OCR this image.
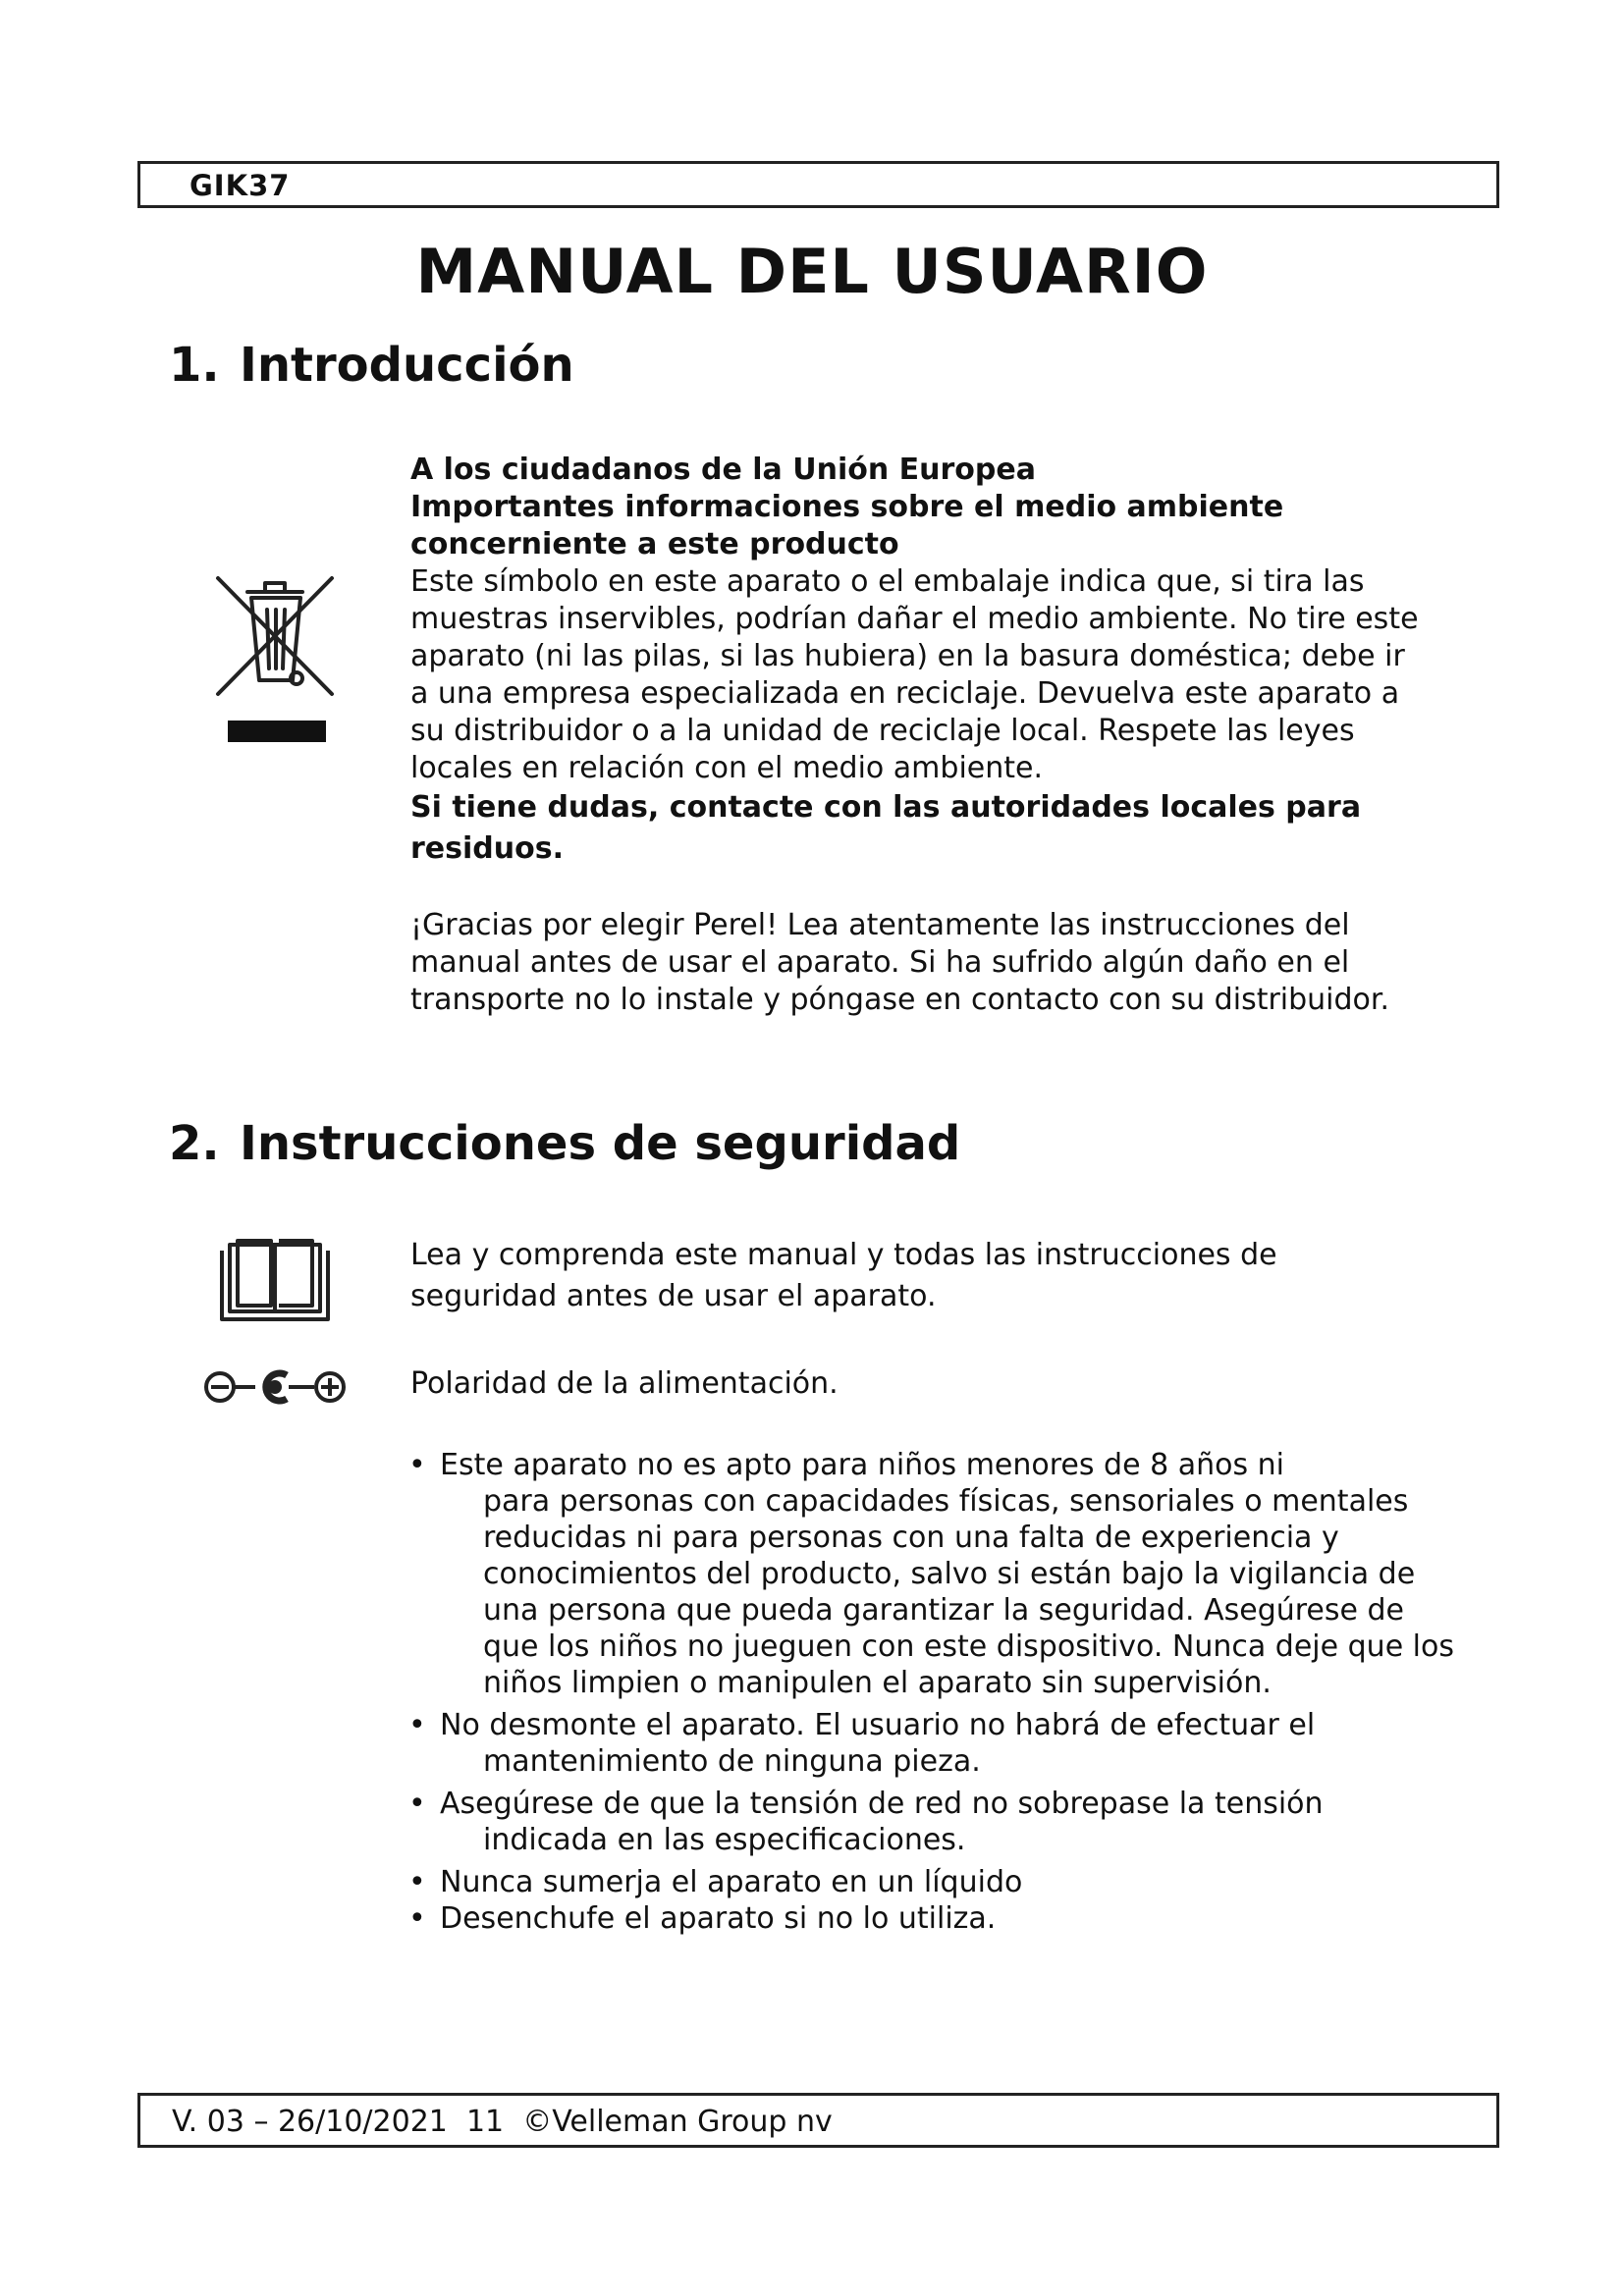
GIK37
MANUAL DEL USUARIO
1. Introducción

A los ciudadanos de la Unión Europea

Importantes informaciones sobre el medio ambiente concerniente a este producto

Este símbolo en este aparato o el embalaje indica que, si tira las muestras inservibles, podrían dañar el medio ambiente. No tire este aparato (ni las pilas, si las hubiera) en la basura doméstica; debe ir a una empresa especializada en reciclaje. Devuelva este aparato a su distribuidor o a la unidad de reciclaje local. Respete las leyes locales en relación con el medio ambiente.

Si tiene dudas, contacte con las autoridades locales para residuos.

¡Gracias por elegir Perel! Lea atentamente las instrucciones del manual antes de usar el aparato. Si ha sufrido algún daño en el transporte no lo instale y póngase en contacto con su distribuidor.

2. Instrucciones de seguridad

Lea y comprenda este manual y todas las instrucciones de seguridad antes de usar el aparato.

Polaridad de la alimentación.

• Este aparato no es apto para niños menores de 8 años ni
para personas con capacidades físicas, sensoriales o mentales reducidas ni para personas con una falta de experiencia y conocimientos del producto, salvo si están bajo la vigilancia de una persona que pueda garantizar la seguridad. Asegúrese de que los niños no jueguen con este dispositivo. Nunca deje que los niños limpien o manipulen el aparato sin supervisión.
• No desmonte el aparato. El usuario no habrá de efectuar el
mantenimiento de ninguna pieza.
• Asegúrese de que la tensión de red no sobrepase la tensión
indicada en las especificaciones.
• Nunca sumerja el aparato en un líquido
• Desenchufe el aparato si no lo utiliza.
V. 03 – 26/10/2021  11  ©Velleman Group nv
